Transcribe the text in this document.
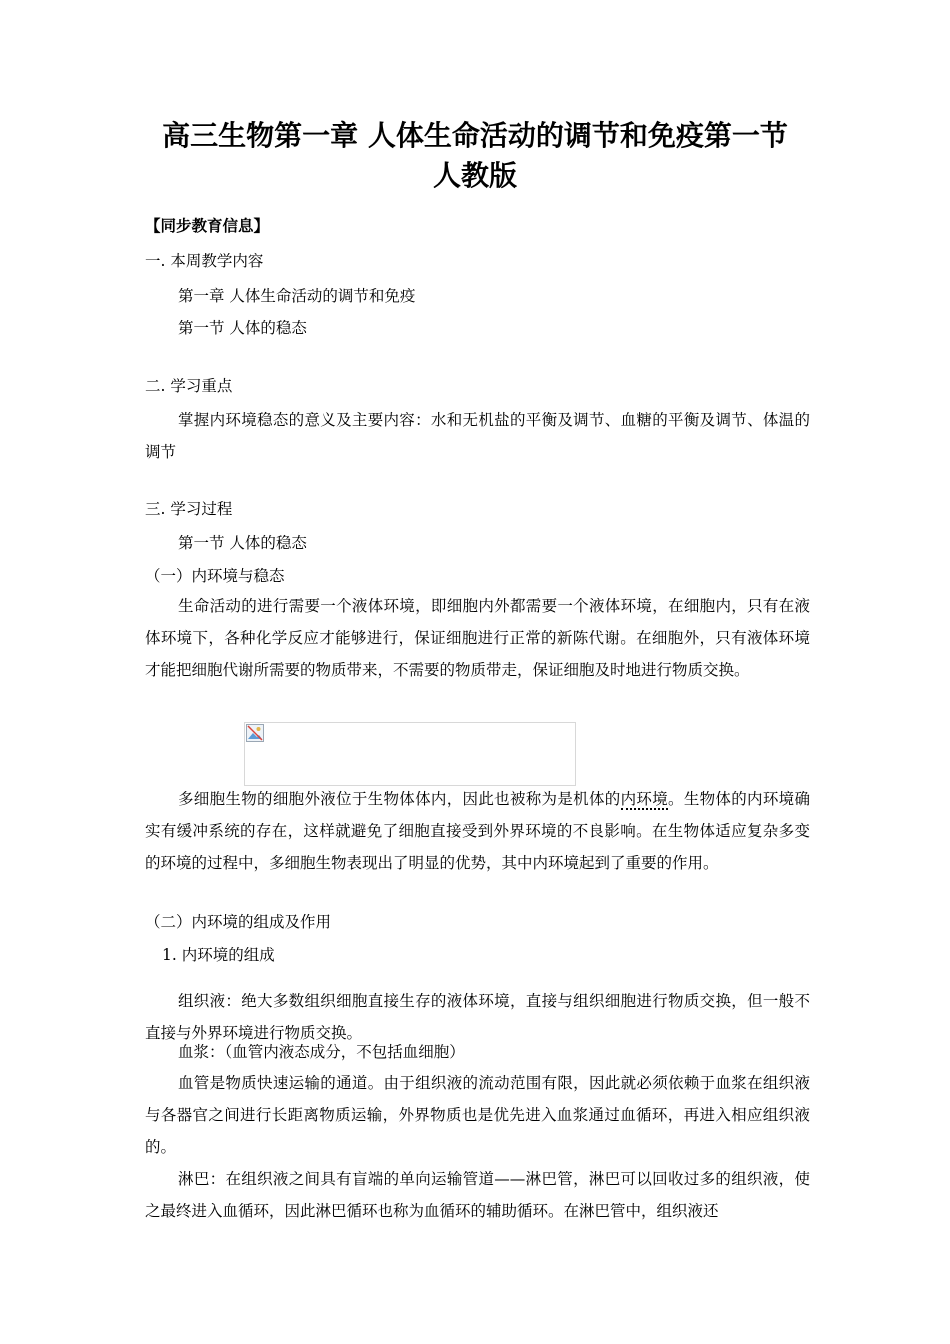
高三生物第一章 人体生命活动的调节和免疫第一节
人教版
【同步教育信息】
一. 本周教学内容
第一章 人体生命活动的调节和免疫
第一节 人体的稳态
二. 学习重点
掌握内环境稳态的意义及主要内容：水和无机盐的平衡及调节、血糖的平衡及调节、体温的调节
三. 学习过程
第一节 人体的稳态
（一）内环境与稳态
生命活动的进行需要一个液体环境，即细胞内外都需要一个液体环境，在细胞内，只有在液体环境下，各种化学反应才能够进行，保证细胞进行正常的新陈代谢。在细胞外，只有液体环境才能把细胞代谢所需要的物质带来，不需要的物质带走，保证细胞及时地进行物质交换。
多细胞生物的细胞外液位于生物体体内，因此也被称为是机体的内环境。生物体的内环境确实有缓冲系统的存在，这样就避免了细胞直接受到外界环境的不良影响。在生物体适应复杂多变的环境的过程中，多细胞生物表现出了明显的优势，其中内环境起到了重要的作用。
（二）内环境的组成及作用
1. 内环境的组成
组织液：绝大多数组织细胞直接生存的液体环境，直接与组织细胞进行物质交换，但一般不直接与外界环境进行物质交换。
血浆：（血管内液态成分，不包括血细胞）
血管是物质快速运输的通道。由于组织液的流动范围有限，因此就必须依赖于血浆在组织液与各器官之间进行长距离物质运输，外界物质也是优先进入血浆通过血循环，再进入相应组织液的。
淋巴：在组织液之间具有盲端的单向运输管道——淋巴管，淋巴可以回收过多的组织液，使之最终进入血循环，因此淋巴循环也称为血循环的辅助循环。在淋巴管中，组织液还
